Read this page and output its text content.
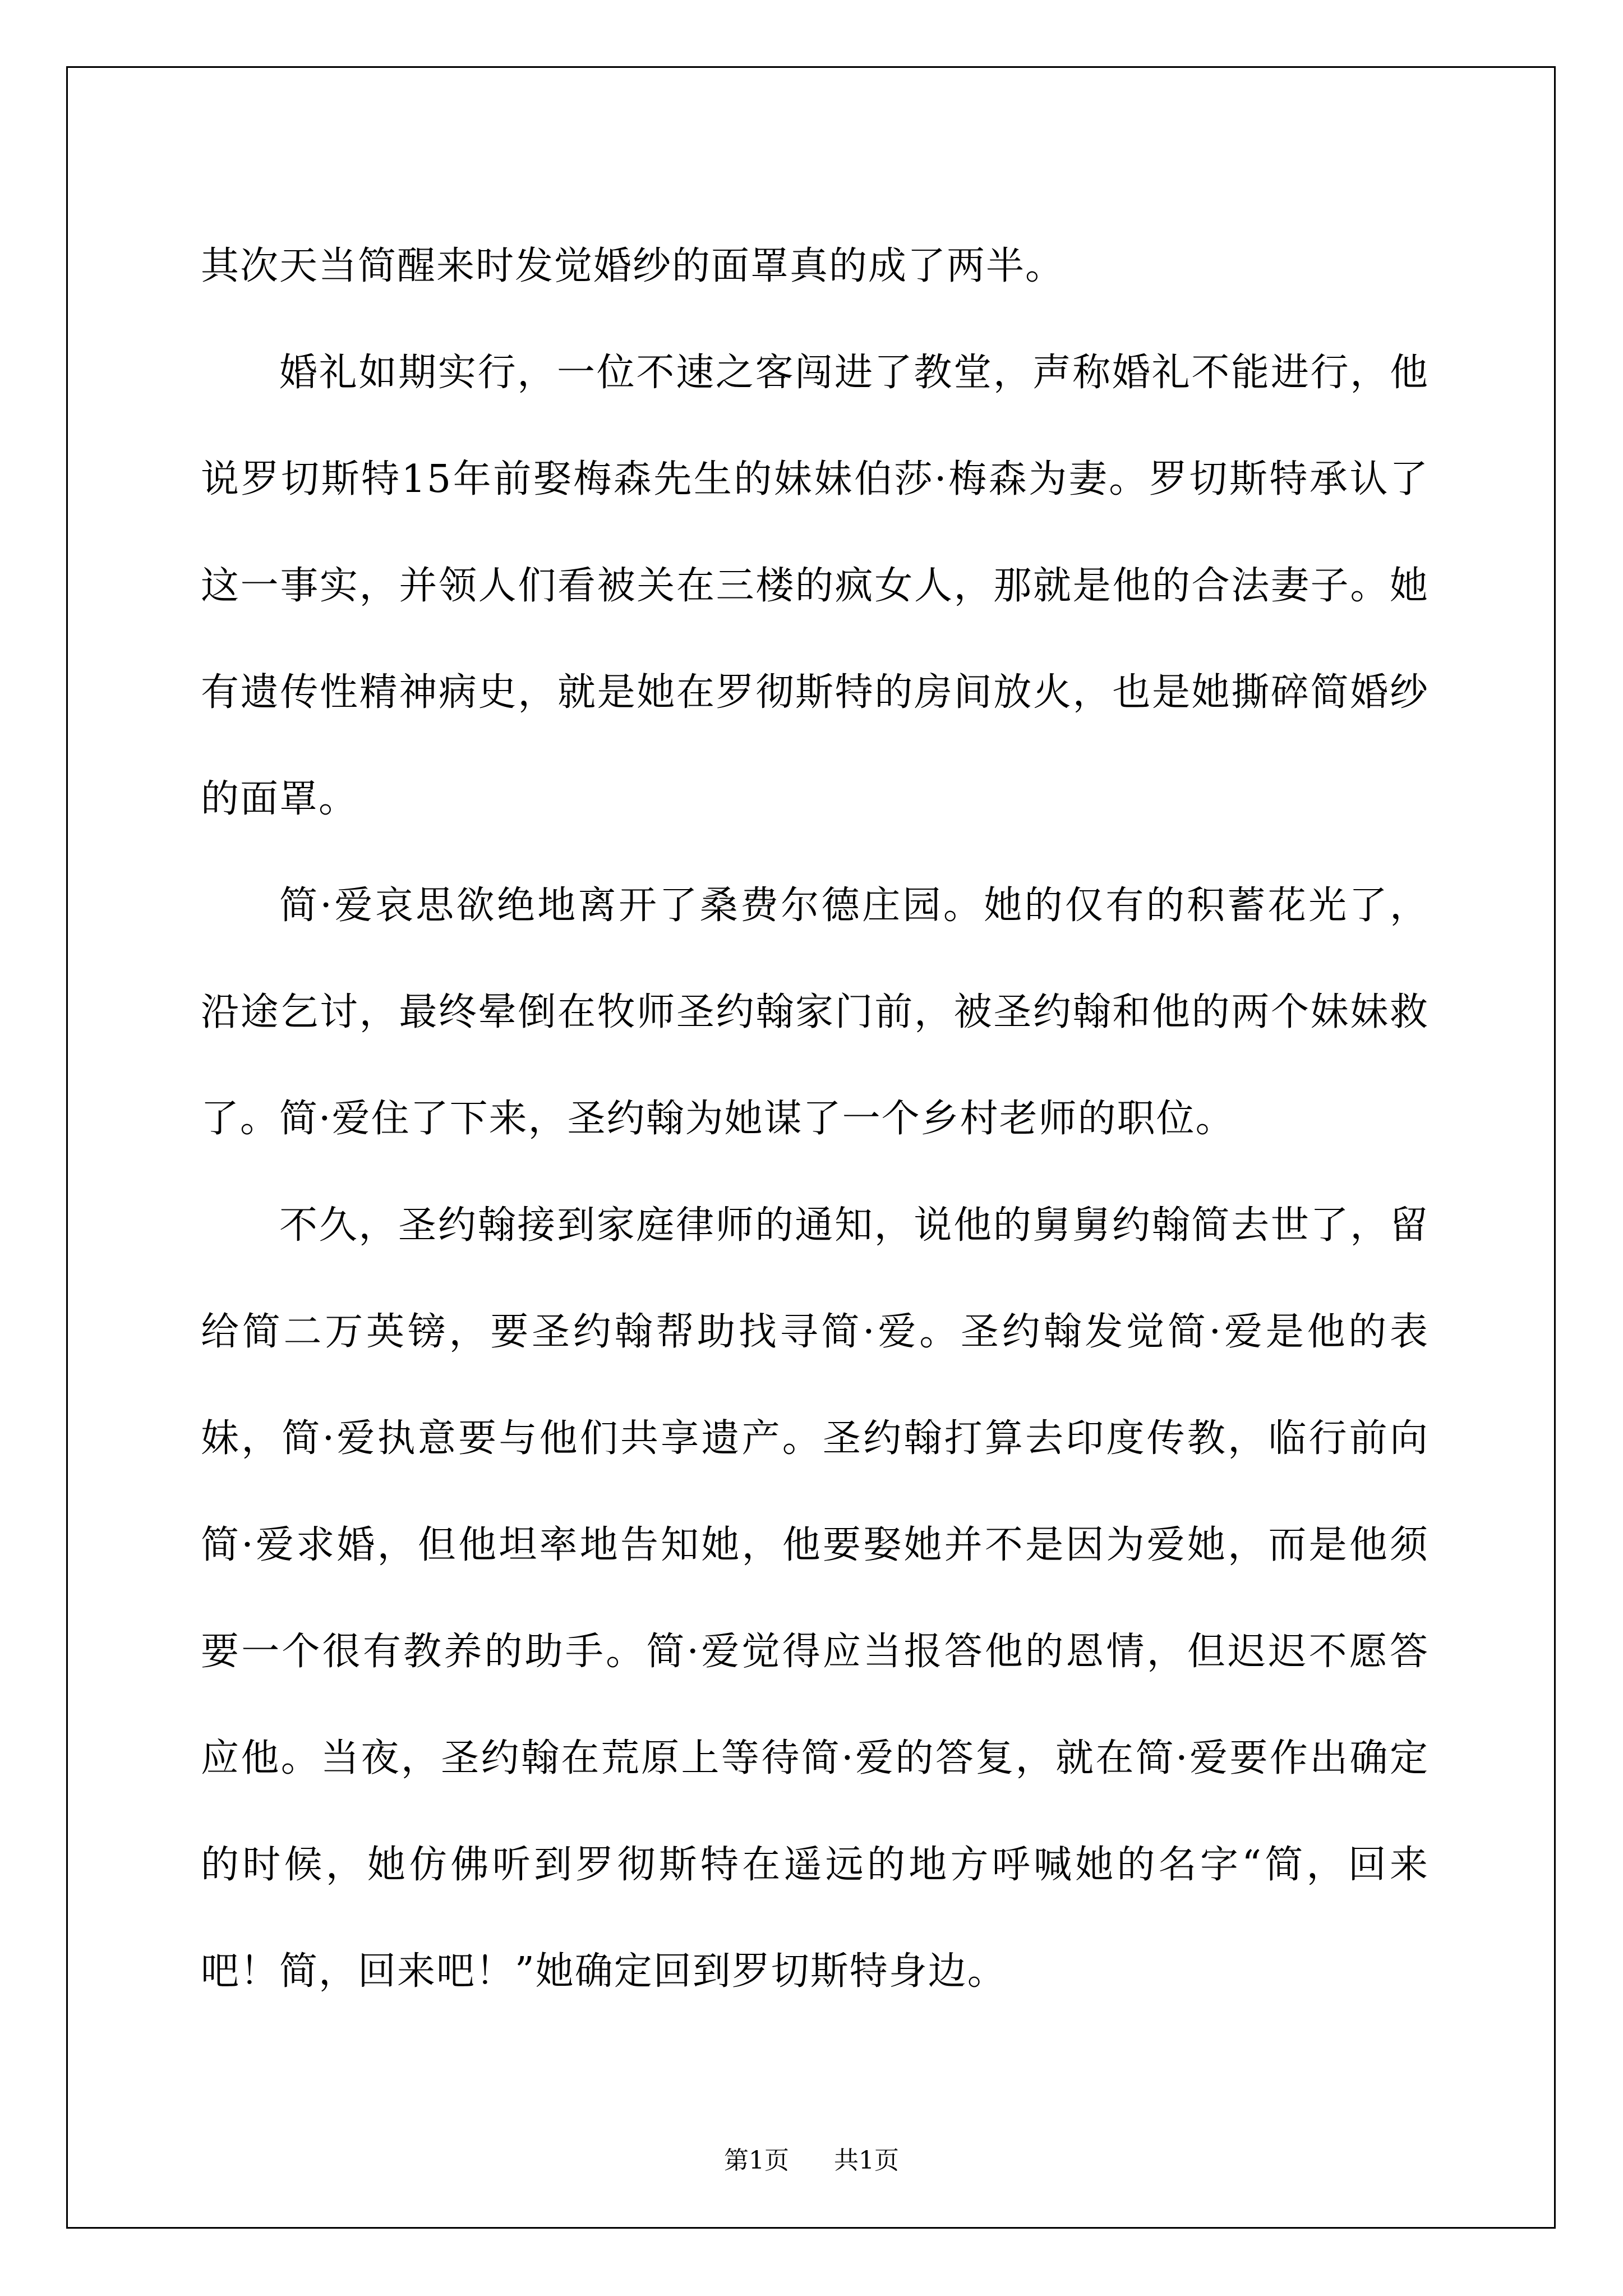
其次天当简醒来时发觉婚纱的面罩真的成了两半。

婚礼如期实行，一位不速之客闯进了教堂，声称婚礼不能进行，他说罗切斯特15年前娶梅森先生的妹妹伯莎·梅森为妻。罗切斯特承认了这一事实，并领人们看被关在三楼的疯女人，那就是他的合法妻子。她有遗传性精神病史，就是她在罗彻斯特的房间放火，也是她撕碎简婚纱的面罩。

简·爱哀思欲绝地离开了桑费尔德庄园。她的仅有的积蓄花光了，沿途乞讨，最终晕倒在牧师圣约翰家门前，被圣约翰和他的两个妹妹救了。简·爱住了下来，圣约翰为她谋了一个乡村老师的职位。

不久，圣约翰接到家庭律师的通知，说他的舅舅约翰简去世了，留给简二万英镑，要圣约翰帮助找寻简·爱。圣约翰发觉简·爱是他的表妹，简·爱执意要与他们共享遗产。圣约翰打算去印度传教，临行前向简·爱求婚，但他坦率地告知她，他要娶她并不是因为爱她，而是他须要一个很有教养的助手。简·爱觉得应当报答他的恩情，但迟迟不愿答应他。当夜，圣约翰在荒原上等待简·爱的答复，就在简·爱要作出确定的时候，她仿佛听到罗彻斯特在遥远的地方呼喊她的名字“简，回来吧！简，回来吧！”她确定回到罗切斯特身边。

第1页 共1页
